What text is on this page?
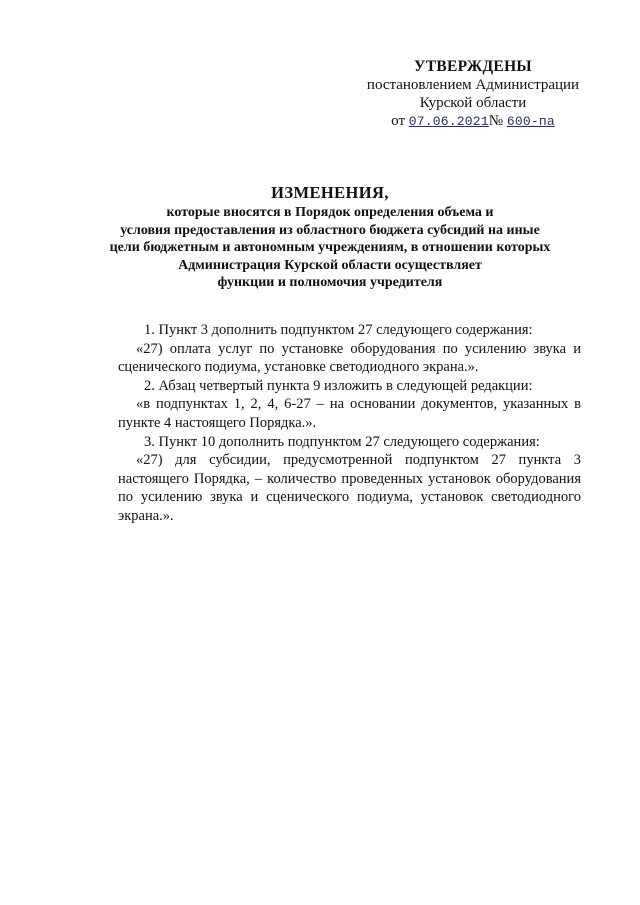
УТВЕРЖДЕНЫ
постановлением Администрации
Курской области
от 07.06.2021№ 600-па
ИЗМЕНЕНИЯ,
которые вносятся в Порядок определения объема и
условия предоставления из областного бюджета субсидий на иные
цели бюджетным и автономным учреждениям, в отношении которых
Администрация Курской области осуществляет
функции и полномочия учредителя

1. Пункт 3 дополнить подпунктом 27 следующего содержания:

«27) оплата услуг по установке оборудования по усилению звука и сценического подиума, установке светодиодного экрана.».

2. Абзац четвертый пункта 9 изложить в следующей редакции:

«в подпунктах 1, 2, 4, 6-27 – на основании документов, указанных в пункте 4 настоящего Порядка.».

3. Пункт 10 дополнить подпунктом 27 следующего содержания:

«27) для субсидии, предусмотренной подпунктом 27 пункта 3 настоящего Порядка, – количество проведенных установок оборудования по усилению звука и сценического подиума, установок светодиодного экрана.».
